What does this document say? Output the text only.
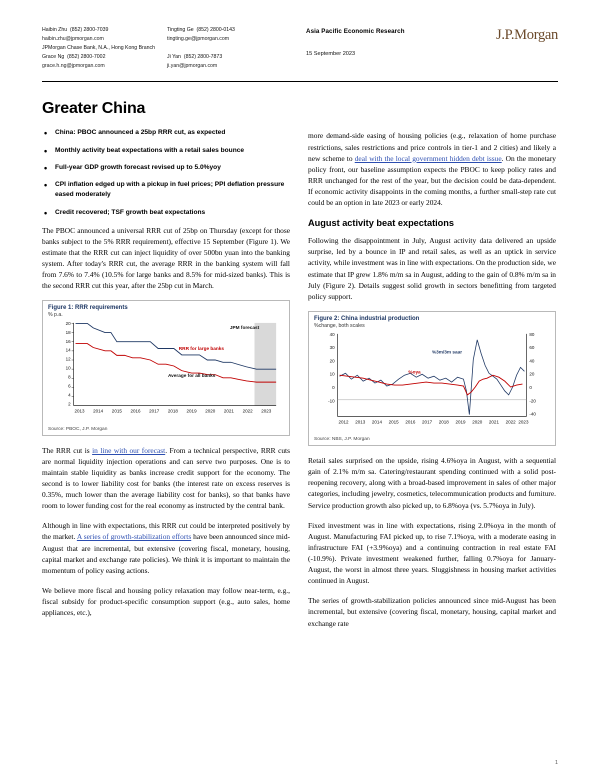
Haibin Zhu (852) 2800-7039
haibin.zhu@jpmorgan.com
Tingting Ge (852) 2800-0143
tingting.ge@jpmorgan.com
JPMorgan Chase Bank, N.A., Hong Kong Branch
Grace Ng (852) 2800-7002
grace.h.ng@jpmorgan.com
Ji Yan (852) 2800-7873
ji.yan@jpmorgan.com
Asia Pacific Economic Research
15 September 2023
J.P.Morgan
Greater China
• China: PBOC announced a 25bp RRR cut, as expected
• Monthly activity beat expectations with a retail sales bounce
• Full-year GDP growth forecast revised up to 5.0%yoy
• CPI inflation edged up with a pickup in fuel prices; PPI deflation pressure eased moderately
• Credit recovered; TSF growth beat expectations

The PBOC announced a universal RRR cut of 25bp on Thursday (except for those banks subject to the 5% RRR requirement), effective 15 September (Figure 1). We estimate that the RRR cut can inject liquidity of over 500bn yuan into the banking system. After today's RRR cut, the average RRR in the banking system will fall from 7.6% to 7.4% (10.5% for large banks and 8.5% for mid-sized banks). This is the second RRR cut this year, after the 25bp cut in March.

Figure 1: RRR requirements
% p.a.
20
18
16
14
12
10
8
6
4
2
2013 2014 2015 2016 2017 2018 2019 2020 2021 2022 2023
JPM forecast
RRR for large banks
Average for all banks
Source: PBOC, J.P. Morgan

The RRR cut is in line with our forecast. From a technical perspective, RRR cuts are normal liquidity injection operations and can serve two purposes. One is to maintain stable liquidity as banks increase credit support for the economy. The second is to lower liability cost for banks (the interest rate on excess reserves is 0.35%, much lower than the average liability cost for banks), so that banks have room to lower funding cost for the real economy as instructed by the central bank.

Although in line with expectations, this RRR cut could be interpreted positively by the market. A series of growth-stabilization efforts have been announced since mid-August that are incremental, but extensive (covering fiscal, monetary, housing, capital market and exchange rate policies). We think it is important to maintain the momentum of policy easing actions.

We believe more fiscal and housing policy relaxation may follow near-term, e.g., fiscal subsidy for product-specific consumption support (e.g., auto sales, home appliances, etc.),

more demand-side easing of housing policies (e.g., relaxation of home purchase restrictions, sales restrictions and price controls in tier-1 and 2 cities) and likely a new scheme to deal with the local government hidden debt issue. On the monetary policy front, our baseline assumption expects the PBOC to keep policy rates and RRR unchanged for the rest of the year, but the decision could be data-dependent. If economic activity disappoints in the coming months, a further small-step rate cut could be an option in late 2023 or early 2024.

August activity beat expectations

Following the disappointment in July, August activity data delivered an upside surprise, led by a bounce in IP and retail sales, as well as an uptick in service activity, while investment was in line with expectations. On the production side, we estimate that IP grew 1.8% m/m sa in August, adding to the gain of 0.8% m/m sa in July (Figure 2). Details suggest solid growth in sectors benefitting from targeted policy support.

Figure 2: China industrial production
%change, both scales
40
30
20
10
0
-10
80
60
40
20
0
-20
-40
2012 2013 2014 2015 2016 2017 2018 2019 2020 2021 2022 2023
%3m/3m saar
%oya
Source: NBS, J.P. Morgan

Retail sales surprised on the upside, rising 4.6%oya in August, with a sequential gain of 2.1% m/m sa. Catering/restaurant spending continued with a solid post-reopening recovery, along with a broad-based improvement in sales of other major categories, including jewelry, cosmetics, telecommunication products and furniture. Service production growth also picked up, to 6.8%oya (vs. 5.7%oya in July).

Fixed investment was in line with expectations, rising 2.0%oya in the month of August. Manufacturing FAI picked up, to rise 7.1%oya, with a moderate easing in infrastructure FAI (+3.9%oya) and a continuing contraction in real estate FAI (-10.9%). Private investment weakened further, falling 0.7%oya for January-August, the worst in almost three years. Sluggishness in housing market activities continued in August.

The series of growth-stabilization policies announced since mid-August has been incremental, but extensive (covering fiscal, monetary, housing, capital market and exchange rate

1
